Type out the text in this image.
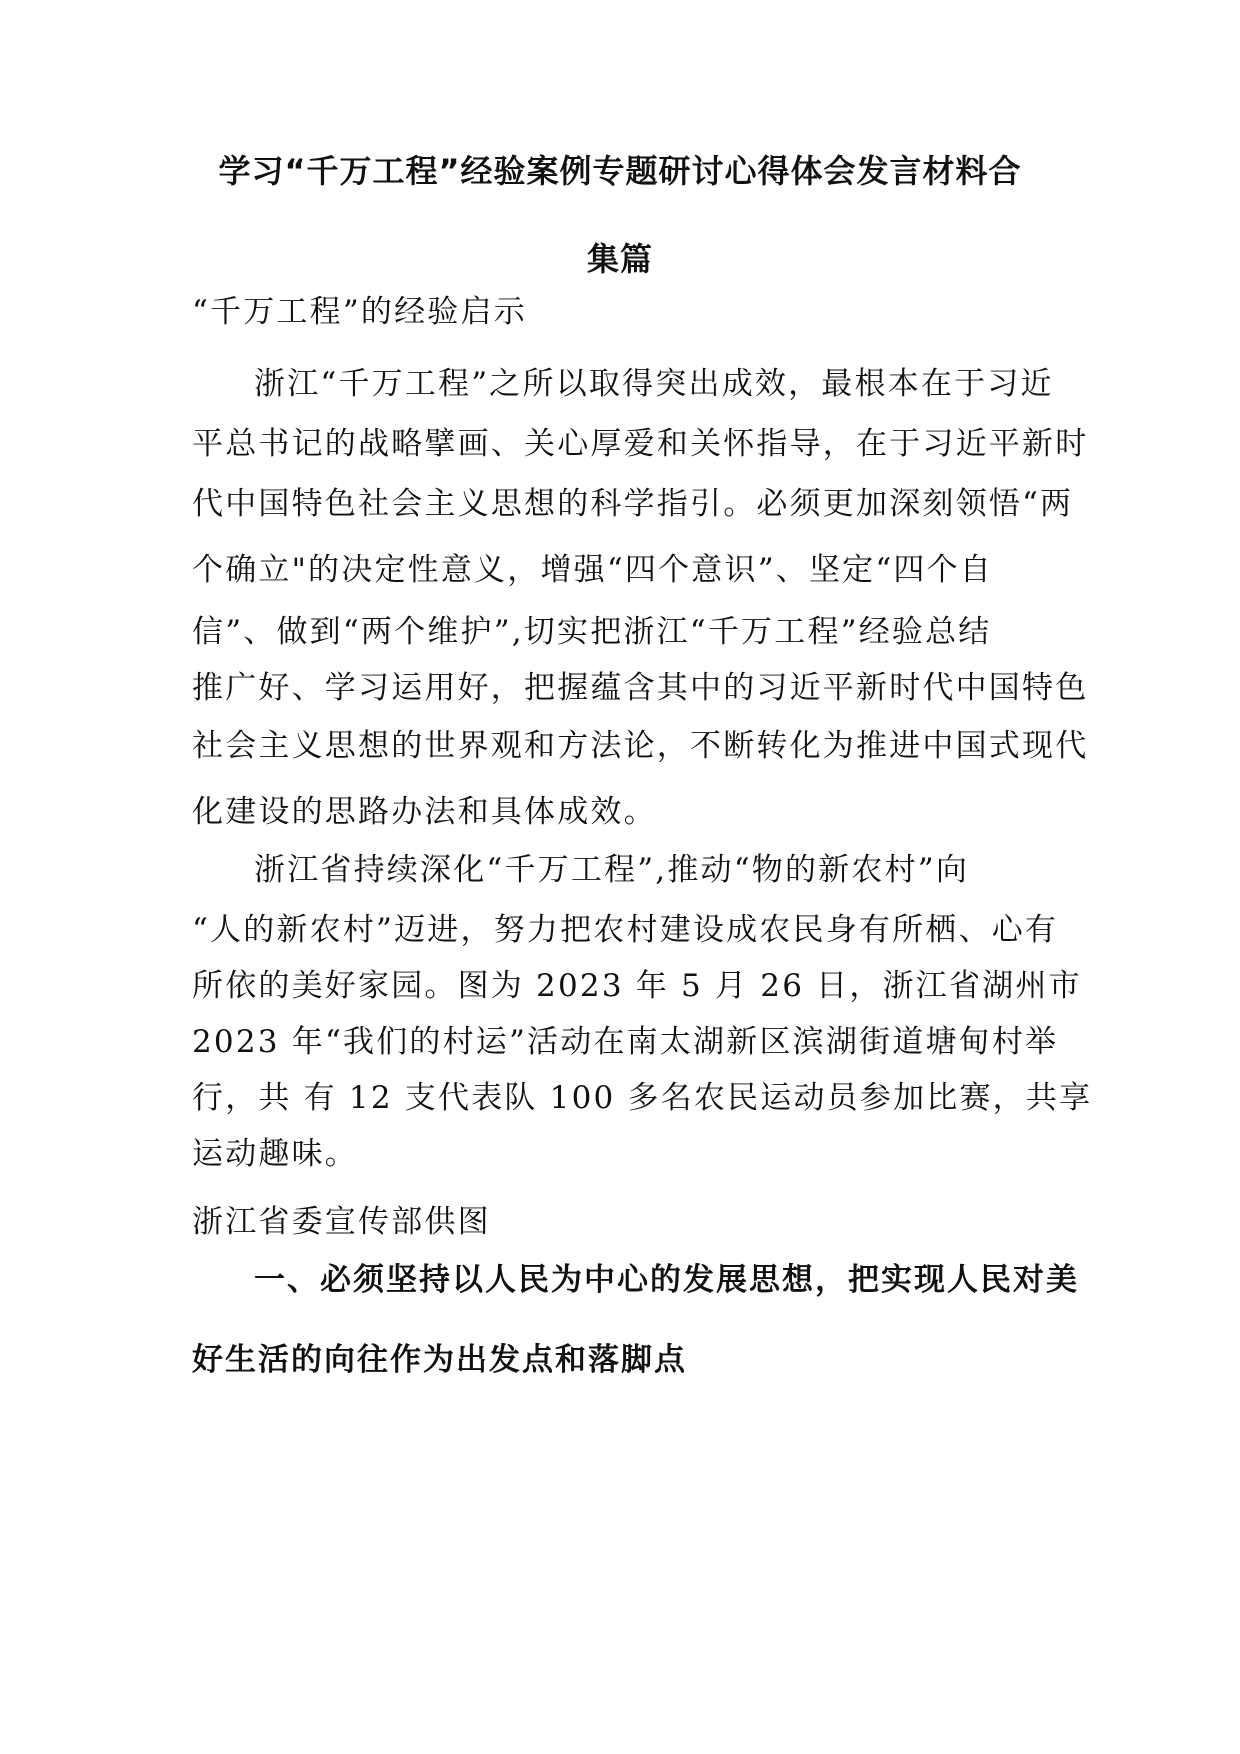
学习“千万工程”经验案例专题研讨心得体会发言材料合
集篇

“千万工程”的经验启示

浙江“千万工程”之所以取得突出成效，最根本在于习近

平总书记的战略擘画、关心厚爱和关怀指导，在于习近平新时

代中国特色社会主义思想的科学指引。必须更加深刻领悟“两

个确立"的决定性意义，增强“四个意识”、坚定“四个自

信”、做到“两个维护”,切实把浙江“千万工程”经验总结

推广好、学习运用好，把握蕴含其中的习近平新时代中国特色

社会主义思想的世界观和方法论，不断转化为推进中国式现代

化建设的思路办法和具体成效。

浙江省持续深化“千万工程”,推动“物的新农村”向

“人的新农村”迈进，努力把农村建设成农民身有所栖、心有

所依的美好家园。图为 2023 年 5 月 26 日，浙江省湖州市

2023 年“我们的村运”活动在南太湖新区滨湖街道塘甸村举

行，共 有 12 支代表队 100 多名农民运动员参加比赛，共享

运动趣味。

浙江省委宣传部供图

一、必须坚持以人民为中心的发展思想，把实现人民对美
好生活的向往作为出发点和落脚点
